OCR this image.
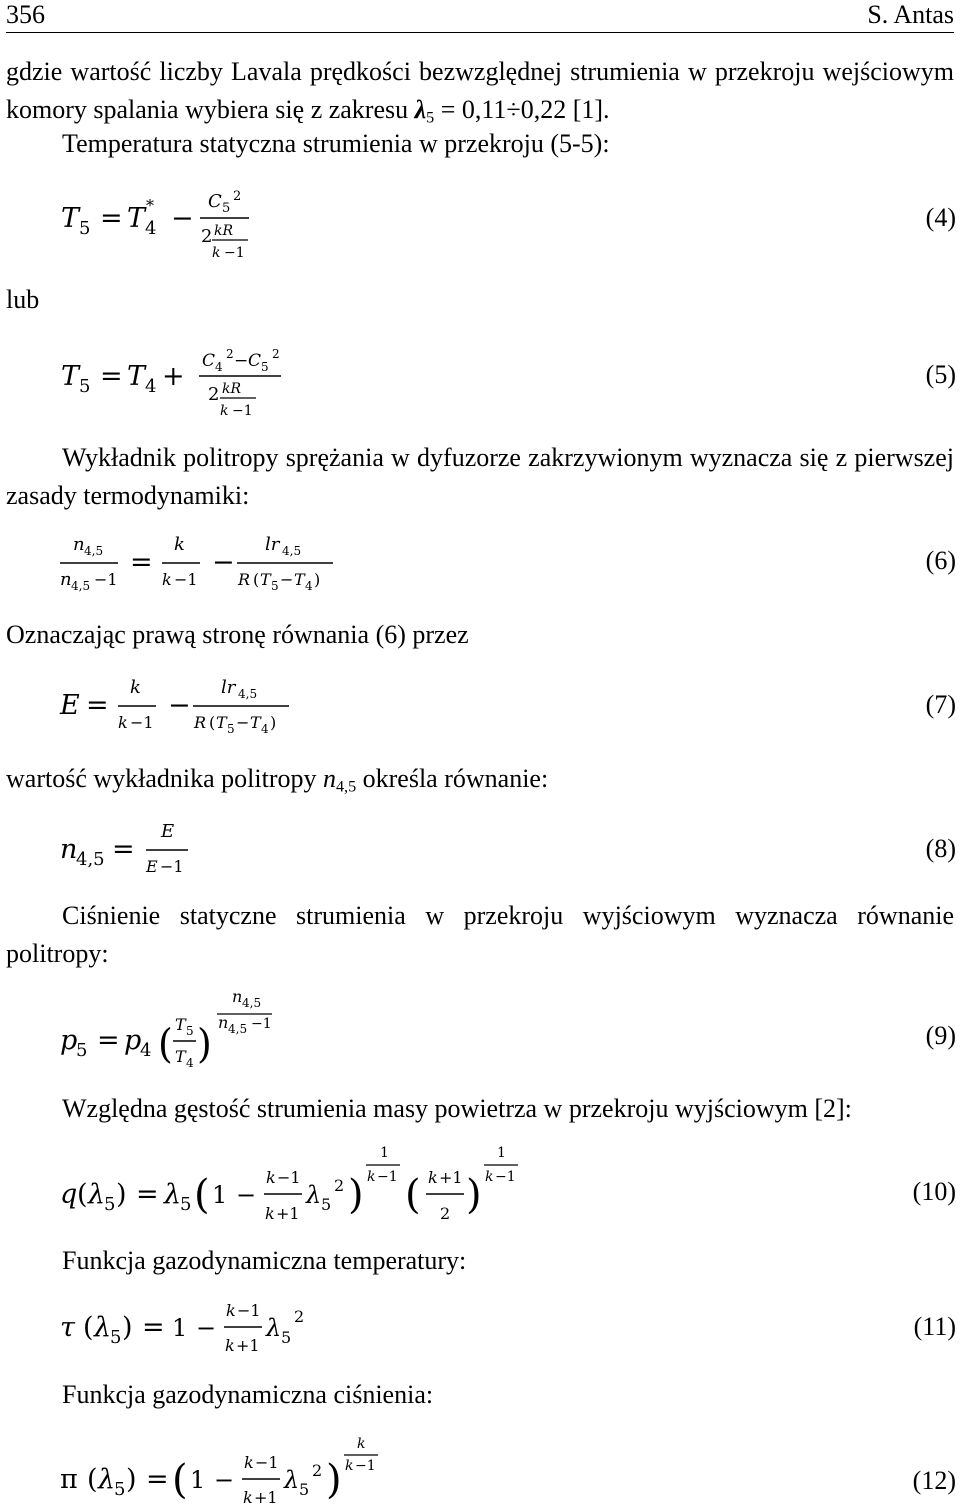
356	S. Antas

gdzie wartość liczby Lavala prędkości bezwzględnej strumienia w przekroju wejściowym komory spalania wybiera się z zakresu $\lambda_5 = 0,11\div 0,22$ [1].

Temperatura statyczna strumienia w przekroju (5-5):

T 5 = T 4
* −
C 5
2
2 kR
k −1
(4)

lub

T 5 = T 4 + C 4
2 − C 5
2
2 kR
k −1
(5)

Wykładnik politropy sprężania w dyfuzorze zakrzywionym wyznacza się z pierwszej zasady termodynamiki:

n 4,5
n 4,5 −1
=
k
k −1
−
lr 4,5
R ( T 5 − T 4 )
(6)

Oznaczając prawą stronę równania (6) przez

E =
k
k −1
−
lr 4,5
R ( T 5 − T 4 )
(7)

wartość wykładnika politropy $n_{4,5}$ określa równanie:

n
4,5 =
E
E −1
(8)

Ciśnienie statyczne strumienia w przekroju wyjściowym wyznacza równanie politropy:

p
5 = p
4 ( T 5
T 4 )
n 4,5
n 4,5 −1	(9)

Względna gęstość strumienia masy powietrza w przekroju wyjściowym [2]:

q ( λ
5 ) = λ
5 ( 1 −
k −1
k +1
λ 5
2 )
1
k −1 ( k +1
2 )
1
k −1	(10)

Funkcja gazodynamiczna temperatury:

τ ( λ
5 ) = 1 −
k −1
k +1
λ 5
2	(11)

Funkcja gazodynamiczna ciśnienia:

π ( λ
5 ) = ( 1 −
k −1
k +1
λ 5
2 )
k
k −1	(12)
